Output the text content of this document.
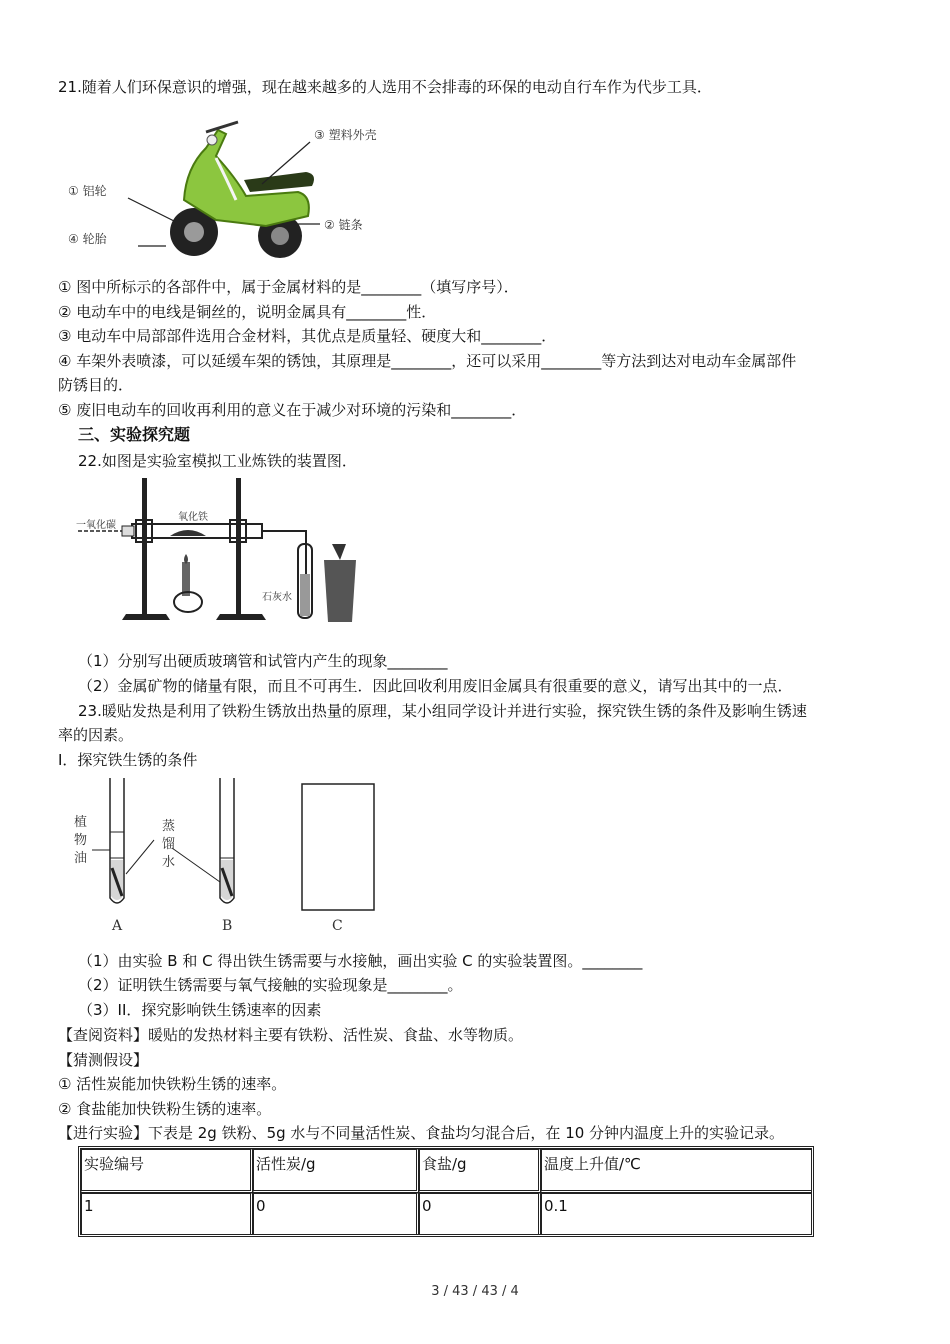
21.随着人们环保意识的增强，现在越来越多的人选用不会排毒的环保的电动自行车作为代步工具．
③ 塑料外壳
① 铝轮
② 链条
④ 轮胎
① 图中所标示的各部件中，属于金属材料的是________（填写序号）．
② 电动车中的电线是铜丝的，说明金属具有________性．
③ 电动车中局部部件选用合金材料，其优点是质量轻、硬度大和________．
④ 车架外表喷漆，可以延缓车架的锈蚀，其原理是________，还可以采用________等方法到达对电动车金属部件
防锈目的．
⑤ 废旧电动车的回收再利用的意义在于减少对环境的污染和________．
三、实验探究题
22.如图是实验室模拟工业炼铁的装置图．
一氧化碳
氧化铁
石灰水
（1）分别写出硬质玻璃管和试管内产生的现象________
（2）金属矿物的储量有限，而且不可再生．因此回收利用废旧金属具有很重要的意义，请写出其中的一点．
23.暖贴发热是利用了铁粉生锈放出热量的原理，某小组同学设计并进行实验，探究铁生锈的条件及影响生锈速
率的因素。
I．探究铁生锈的条件
植物油
蒸馏水
A	B	C
（1）由实验 B 和 C 得出铁生锈需要与水接触，画出实验 C 的实验装置图。________
（2）证明铁生锈需要与氧气接触的实验现象是________。
（3）II．探究影响铁生锈速率的因素
【查阅资料】暖贴的发热材料主要有铁粉、活性炭、食盐、水等物质。
【猜测假设】
① 活性炭能加快铁粉生锈的速率。
② 食盐能加快铁粉生锈的速率。
【进行实验】下表是 2g 铁粉、5g 水与不同量活性炭、食盐均匀混合后，在 10 分钟内温度上升的实验记录。
实验编号	活性炭/g	食盐/g	温度上升值/℃
1	0	0	0.1
3 / 43 / 43 / 4
